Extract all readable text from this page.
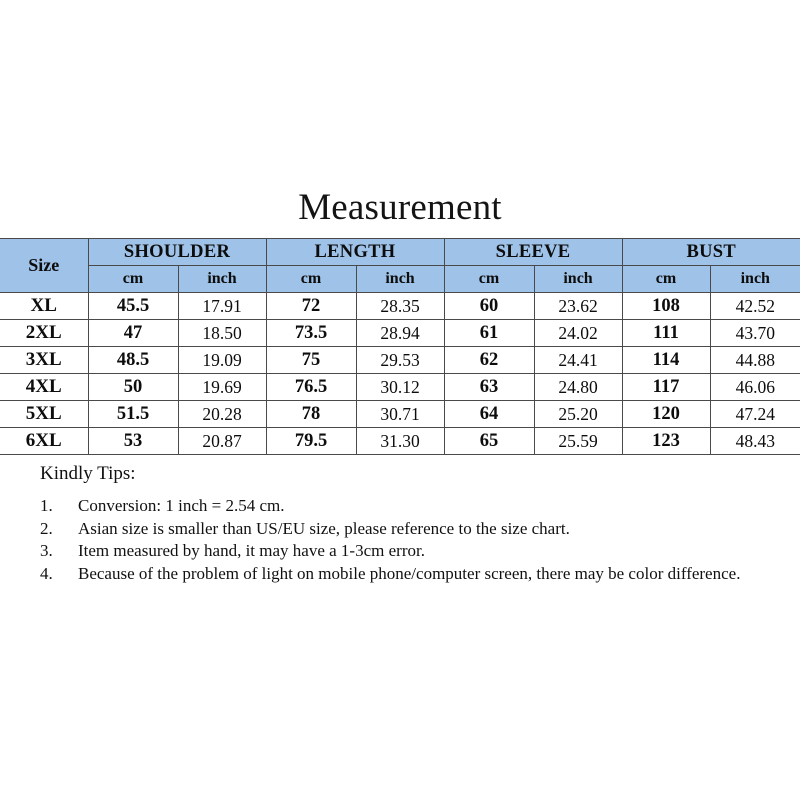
Measurement
Size	SHOULDER		LENGTH		SLEEVE		BUST	
	cm	inch	cm	inch	cm	inch	cm	inch
XL	45.5	17.91	72	28.35	60	23.62	108	42.52
2XL	47	18.50	73.5	28.94	61	24.02	111	43.70
3XL	48.5	19.09	75	29.53	62	24.41	114	44.88
4XL	50	19.69	76.5	30.12	63	24.80	117	46.06
5XL	51.5	20.28	78	30.71	64	25.20	120	47.24
6XL	53	20.87	79.5	31.30	65	25.59	123	48.43
Kindly Tips:
1.	Conversion: 1 inch = 2.54 cm.
2.	Asian size is smaller than US/EU size, please reference to the size chart.
3.	Item measured by hand, it may have a 1-3cm error.
4.	Because of the problem of light on mobile phone/computer screen, there may be color difference.
